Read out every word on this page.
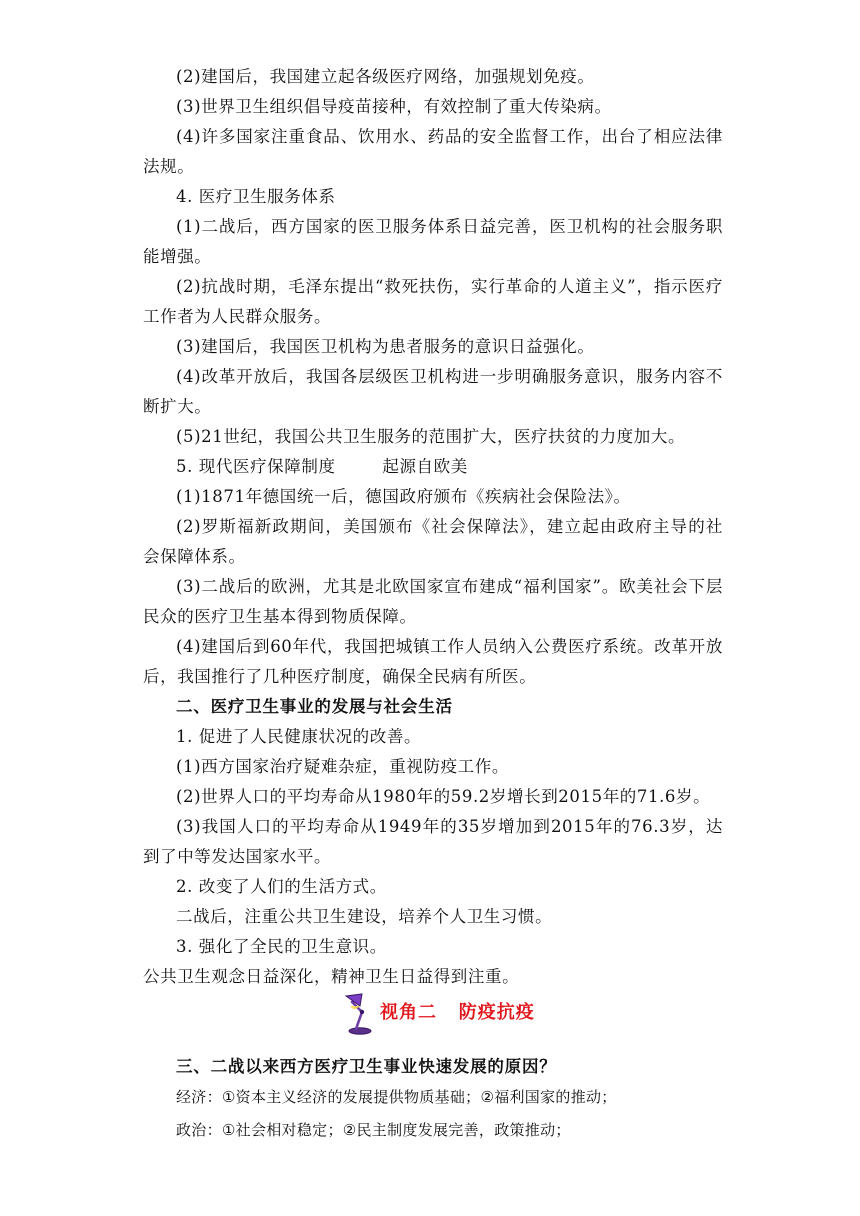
(2)建国后，我国建立起各级医疗网络，加强规划免疫。

(3)世界卫生组织倡导疫苗接种，有效控制了重大传染病。

(4)许多国家注重食品、饮用水、药品的安全监督工作，出台了相应法律法规。

4. 医疗卫生服务体系

(1)二战后，西方国家的医卫服务体系日益完善，医卫机构的社会服务职能增强。

(2)抗战时期，毛泽东提出“救死扶伤，实行革命的人道主义”，指示医疗工作者为人民群众服务。

(3)建国后，我国医卫机构为患者服务的意识日益强化。

(4)改革开放后，我国各层级医卫机构进一步明确服务意识，服务内容不断扩大。

(5)21世纪，我国公共卫生服务的范围扩大，医疗扶贫的力度加大。

5. 现代医疗保障制度        起源自欧美

(1)1871年德国统一后，德国政府颁布《疾病社会保险法》。

(2)罗斯福新政期间，美国颁布《社会保障法》，建立起由政府主导的社会保障体系。

(3)二战后的欧洲，尤其是北欧国家宣布建成“福利国家”。欧美社会下层民众的医疗卫生基本得到物质保障。

(4)建国后到60年代，我国把城镇工作人员纳入公费医疗系统。改革开放后，我国推行了几种医疗制度，确保全民病有所医。

二、医疗卫生事业的发展与社会生活

1. 促进了人民健康状况的改善。

(1)西方国家治疗疑难杂症，重视防疫工作。

(2)世界人口的平均寿命从1980年的59.2岁增长到2015年的71.6岁。

(3)我国人口的平均寿命从1949年的35岁增加到2015年的76.3岁，达到了中等发达国家水平。

2. 改变了人们的生活方式。

二战后，注重公共卫生建设，培养个人卫生习惯。

3. 强化了全民的卫生意识。

公共卫生观念日益深化，精神卫生日益得到注重。

视角二   防疫抗疫

三、二战以来西方医疗卫生事业快速发展的原因？

经济：①资本主义经济的发展提供物质基础；②福利国家的推动；

政治：①社会相对稳定；②民主制度发展完善，政策推动；
